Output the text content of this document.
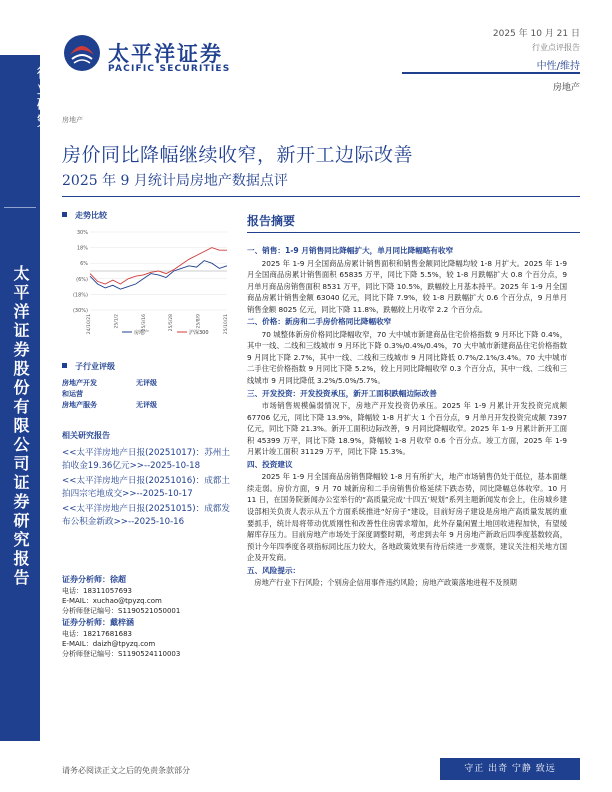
行业研究
太平洋证券股份有限公司证券研究报告
太平洋证券
PACIFIC SECURITIES
2025 年 10 月 21 日
行业点评报告
中性/维持
房地产
房地产
房价同比降幅继续收窄，新开工边际改善
2025 年 9 月统计局房地产数据点评
走势比较
30%
18%
6%
(6%)
(18%)
(30%)
24/10/21	25/1/2	25/3/16	25/5/28	25/8/9	25/10/21
房地产	沪深300
子行业评级
房地产开发	无评级
和运营
房地产服务	无评级
相关研究报告

<<太平洋房地产日报(20251017)：苏州土拍收金19.36亿元>>--2025-10-18

<<太平洋房地产日报(20251016)：成都土拍四宗宅地成交>>--2025-10-17

<<太平洋房地产日报(20251015)：成都发布公积金新政>>--2025-10-16

证券分析师：徐超
电话：18311057693
E-MAIL：xuchao@tpyzq.com
分析师登记编号：S1190521050001
证券分析师：戴梓涵
电话：18217681683
E-MAIL：daizh@tpyzq.com
分析师登记编号：S1190524110003
报告摘要
一、销售：1-9 月销售同比降幅扩大，单月同比降幅略有收窄

2025 年 1-9 月全国商品房累计销售面积和销售金额同比降幅均较 1-8 月扩大。2025 年 1-9 月全国商品房累计销售面积 65835 万平，同比下降 5.5%，较 1-8 月跌幅扩大 0.8 个百分点，9 月单月商品房销售面积 8531 万平，同比下降 10.5%，跌幅较上月基本持平。2025 年 1-9 月全国商品房累计销售金额 63040 亿元，同比下降 7.9%，较 1-8 月跌幅扩大 0.6 个百分点，9 月单月销售金额 8025 亿元，同比下降 11.8%，跌幅较上月收窄 2.2 个百分点。

二、价格：新房和二手房价格同比降幅收窄

70 城整体新房价格同比降幅收窄，70 大中城市新建商品住宅价格指数 9 月环比下降 0.4%，其中一线、二线和三线城市 9 月环比下降 0.3%/0.4%/0.4%，70 大中城市新建商品住宅价格指数 9 月同比下降 2.7%，其中一线、二线和三线城市 9 月同比降低 0.7%/2.1%/3.4%。70 大中城市二手住宅价格指数 9 月同比下降 5.2%，较上月同比降幅收窄 0.3 个百分点，其中一线、二线和三线城市 9 月同比降低 3.2%/5.0%/5.7%。

三、开发投资：开发投资承压，新开工面积跌幅边际改善

市场销售规模偏弱情况下，房地产开发投资仍承压。2025 年 1-9 月累计开发投资完成额 67706 亿元，同比下降 13.9%，降幅较 1-8 月扩大 1 个百分点，9 月单月开发投资完成额 7397 亿元，同比下降 21.3%。新开工面积边际改善，9 月同比降幅收窄。2025 年 1-9 月累计新开工面积 45399 万平，同比下降 18.9%，降幅较 1-8 月收窄 0.6 个百分点。竣工方面，2025 年 1-9 月累计竣工面积 31129 万平，同比下降 15.3%。

四、投资建议

2025 年 1-9 月全国商品房销售降幅较 1-8 月有所扩大，地产市场销售仍处于低位，基本面继续走弱。房价方面，9 月 70 城新房和二手房销售价格延续下跌态势，同比降幅总体收窄。10 月 11 日，在国务院新闻办公室举行的“高质量完成‘十四五’规划”系列主题新闻发布会上，住房城乡建设部相关负责人表示从五个方面系统推进“好房子”建设，目前好房子建设是房地产高质量发展的重要抓手，统计局将带动优质刚性和改善性住房需求增加，此外存量闲置土地回收进程加快，有望缓解库存压力。目前房地产市场处于深度调整时期，考虑到去年 9 月房地产新政后四季度基数较高，预计今年四季度各项指标同比压力较大，各地政策效果有待后续进一步观察，建议关注相关地方国企及开发商。

五、风险提示：

房地产行业下行风险；个别房企信用事件违约风险；房地产政策落地进程不及预期

请务必阅读正文之后的免责条款部分	守正 出奇 宁静 致远
